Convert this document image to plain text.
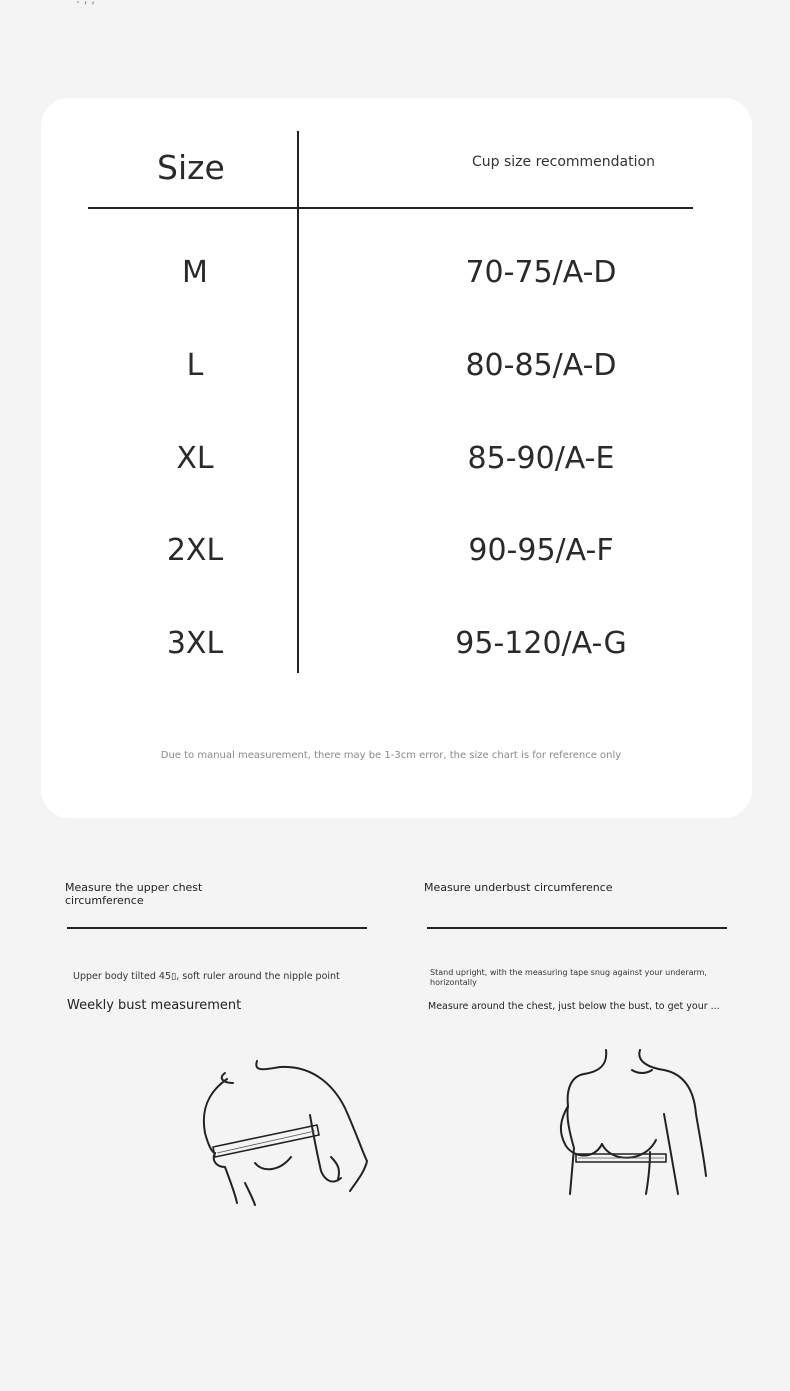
Size	Cup size recommendation
M	70-75/A-D
L	80-85/A-D
XL	85-90/A-E
2XL	90-95/A-F
3XL	95-120/A-G
Due to manual measurement, there may be 1-3cm error, the size chart is for reference only
Measure the upper chest circumference
Upper body tilted 45▯, soft ruler around the nipple point
Weekly bust measurement
Measure underbust circumference
Stand upright, with the measuring tape snug against your underarm, horizontally
Measure around the chest, just below the bust, to get your ...
